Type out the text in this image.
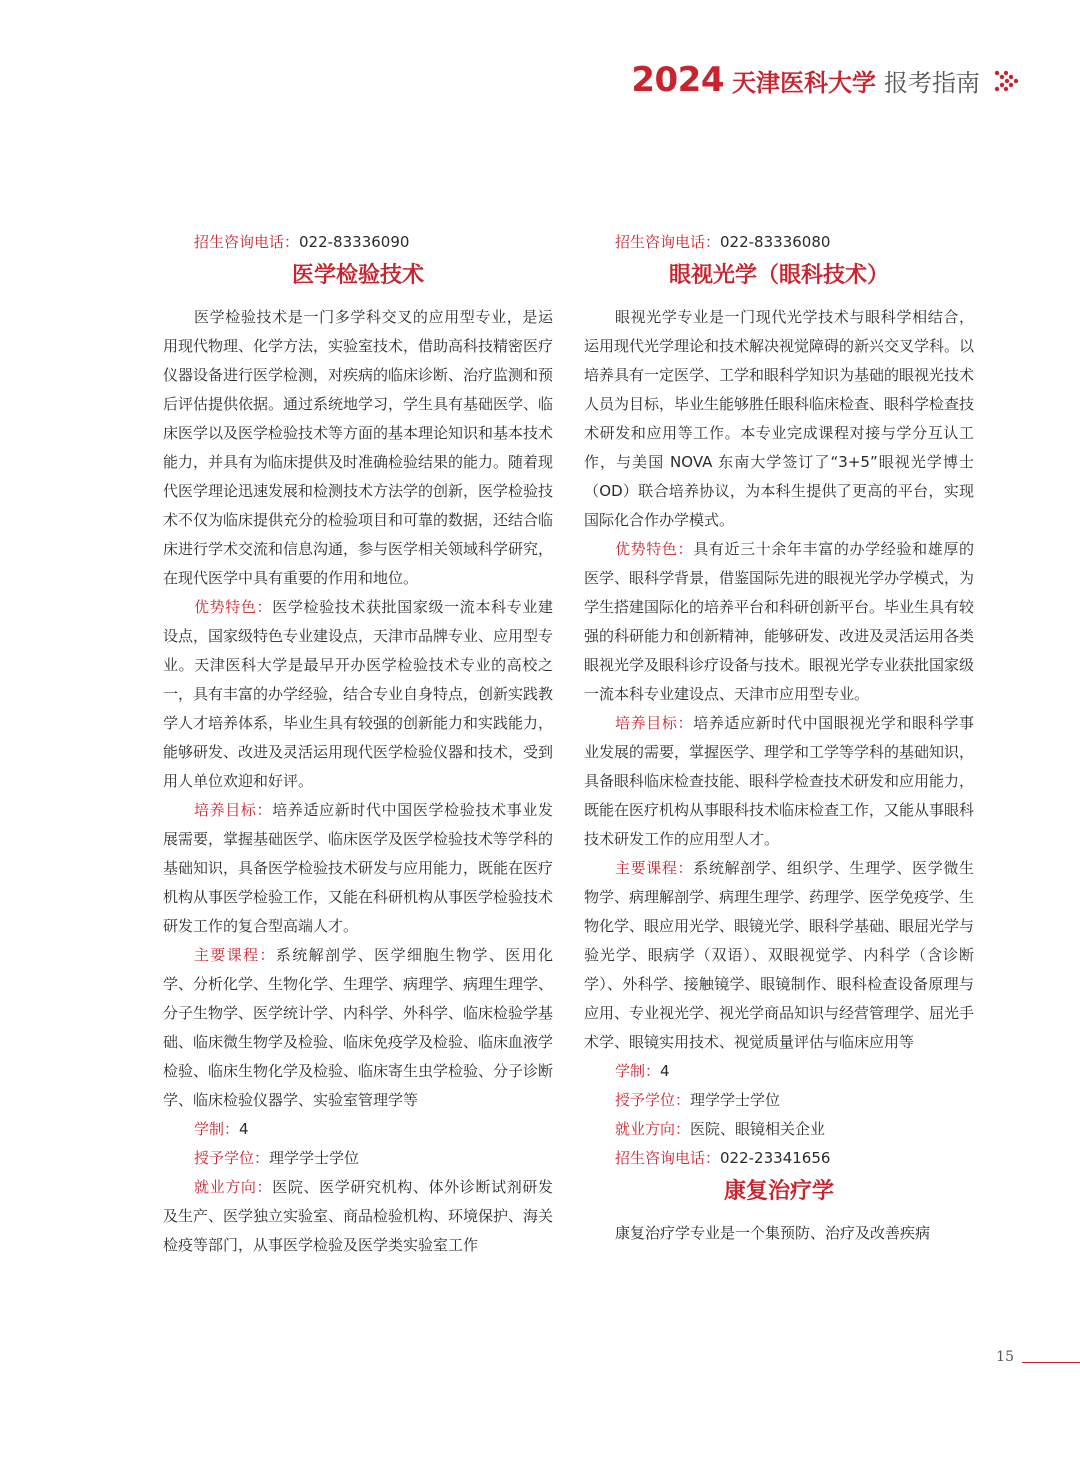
2024 天津医科大学 报考指南

招生咨询电话：022-83336090

医学检验技术

医学检验技术是一门多学科交叉的应用型专业，是运用现代物理、化学方法，实验室技术，借助高科技精密医疗仪器设备进行医学检测，对疾病的临床诊断、治疗监测和预后评估提供依据。通过系统地学习，学生具有基础医学、临床医学以及医学检验技术等方面的基本理论知识和基本技术能力，并具有为临床提供及时准确检验结果的能力。随着现代医学理论迅速发展和检测技术方法学的创新，医学检验技术不仅为临床提供充分的检验项目和可靠的数据，还结合临床进行学术交流和信息沟通，参与医学相关领域科学研究，在现代医学中具有重要的作用和地位。

优势特色：医学检验技术获批国家级一流本科专业建设点，国家级特色专业建设点，天津市品牌专业、应用型专业。天津医科大学是最早开办医学检验技术专业的高校之一，具有丰富的办学经验，结合专业自身特点，创新实践教学人才培养体系，毕业生具有较强的创新能力和实践能力，能够研发、改进及灵活运用现代医学检验仪器和技术，受到用人单位欢迎和好评。

培养目标：培养适应新时代中国医学检验技术事业发展需要，掌握基础医学、临床医学及医学检验技术等学科的基础知识，具备医学检验技术研发与应用能力，既能在医疗机构从事医学检验工作，又能在科研机构从事医学检验技术研发工作的复合型高端人才。

主要课程：系统解剖学、医学细胞生物学、医用化学、分析化学、生物化学、生理学、病理学、病理生理学、分子生物学、医学统计学、内科学、外科学、临床检验学基础、临床微生物学及检验、临床免疫学及检验、临床血液学检验、临床生物化学及检验、临床寄生虫学检验、分子诊断学、临床检验仪器学、实验室管理学等

学制：4

授予学位：理学学士学位

就业方向：医院、医学研究机构、体外诊断试剂研发及生产、医学独立实验室、商品检验机构、环境保护、海关检疫等部门，从事医学检验及医学类实验室工作

招生咨询电话：022-83336080

眼视光学（眼科技术）

眼视光学专业是一门现代光学技术与眼科学相结合，运用现代光学理论和技术解决视觉障碍的新兴交叉学科。以培养具有一定医学、工学和眼科学知识为基础的眼视光技术人员为目标，毕业生能够胜任眼科临床检查、眼科学检查技术研发和应用等工作。本专业完成课程对接与学分互认工作，与美国 NOVA 东南大学签订了“3+5”眼视光学博士（OD）联合培养协议，为本科生提供了更高的平台，实现国际化合作办学模式。

优势特色：具有近三十余年丰富的办学经验和雄厚的医学、眼科学背景，借鉴国际先进的眼视光学办学模式，为学生搭建国际化的培养平台和科研创新平台。毕业生具有较强的科研能力和创新精神，能够研发、改进及灵活运用各类眼视光学及眼科诊疗设备与技术。眼视光学专业获批国家级一流本科专业建设点、天津市应用型专业。

培养目标：培养适应新时代中国眼视光学和眼科学事业发展的需要，掌握医学、理学和工学等学科的基础知识，具备眼科临床检查技能、眼科学检查技术研发和应用能力，既能在医疗机构从事眼科技术临床检查工作，又能从事眼科技术研发工作的应用型人才。

主要课程：系统解剖学、组织学、生理学、医学微生物学、病理解剖学、病理生理学、药理学、医学免疫学、生物化学、眼应用光学、眼镜光学、眼科学基础、眼屈光学与验光学、眼病学（双语）、双眼视觉学、内科学（含诊断学）、外科学、接触镜学、眼镜制作、眼科检查设备原理与应用、专业视光学、视光学商品知识与经营管理学、屈光手术学、眼镜实用技术、视觉质量评估与临床应用等

学制：4

授予学位：理学学士学位

就业方向：医院、眼镜相关企业

招生咨询电话：022-23341656

康复治疗学

康复治疗学专业是一个集预防、治疗及改善疾病

15
